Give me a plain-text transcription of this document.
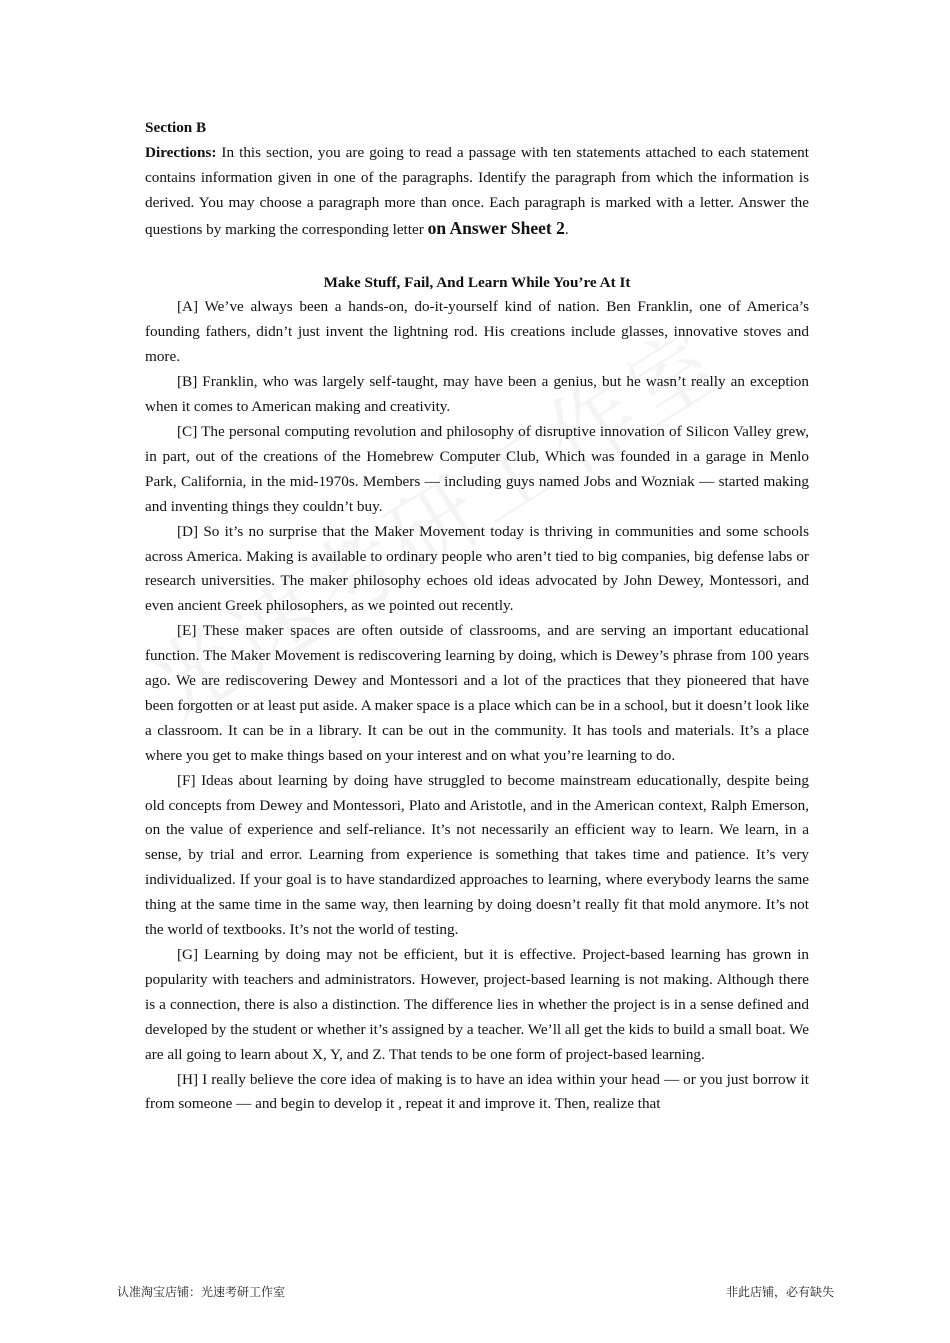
Section B

Directions: In this section, you are going to read a passage with ten statements attached to each statement contains information given in one of the paragraphs. Identify the paragraph from which the information is derived. You may choose a paragraph more than once. Each paragraph is marked with a letter. Answer the questions by marking the corresponding letter on Answer Sheet 2.

Make Stuff, Fail, And Learn While You’re At It

[A] We’ve always been a hands-on, do-it-yourself kind of nation. Ben Franklin, one of America’s founding fathers, didn’t just invent the lightning rod. His creations include glasses, innovative stoves and more.

[B] Franklin, who was largely self-taught, may have been a genius, but he wasn’t really an exception when it comes to American making and creativity.

[C] The personal computing revolution and philosophy of disruptive innovation of Silicon Valley grew, in part, out of the creations of the Homebrew Computer Club, Which was founded in a garage in Menlo Park, California, in the mid-1970s. Members — including guys named Jobs and Wozniak — started making and inventing things they couldn’t buy.

[D] So it’s no surprise that the Maker Movement today is thriving in communities and some schools across America. Making is available to ordinary people who aren’t tied to big companies, big defense labs or research universities. The maker philosophy echoes old ideas advocated by John Dewey, Montessori, and even ancient Greek philosophers, as we pointed out recently.

[E] These maker spaces are often outside of classrooms, and are serving an important educational function. The Maker Movement is rediscovering learning by doing, which is Dewey’s phrase from 100 years ago. We are rediscovering Dewey and Montessori and a lot of the practices that they pioneered that have been forgotten or at least put aside. A maker space is a place which can be in a school, but it doesn’t look like a classroom. It can be in a library. It can be out in the community. It has tools and materials. It’s a place where you get to make things based on your interest and on what you’re learning to do.

[F] Ideas about learning by doing have struggled to become mainstream educationally, despite being old concepts from Dewey and Montessori, Plato and Aristotle, and in the American context, Ralph Emerson, on the value of experience and self-reliance. It’s not necessarily an efficient way to learn. We learn, in a sense, by trial and error. Learning from experience is something that takes time and patience. It’s very individualized. If your goal is to have standardized approaches to learning, where everybody learns the same thing at the same time in the same way, then learning by doing doesn’t really fit that mold anymore. It’s not the world of textbooks. It’s not the world of testing.

[G] Learning by doing may not be efficient, but it is effective. Project-based learning has grown in popularity with teachers and administrators. However, project-based learning is not making. Although there is a connection, there is also a distinction. The difference lies in whether the project is in a sense defined and developed by the student or whether it’s assigned by a teacher. We’ll all get the kids to build a small boat. We are all going to learn about X, Y, and Z. That tends to be one form of project-based learning.

[H] I really believe the core idea of making is to have an idea within your head — or you just borrow it from someone — and begin to develop it , repeat it and improve it. Then, realize that

认准淘宝店铺：光速考研工作室	非此店铺，必有缺失
